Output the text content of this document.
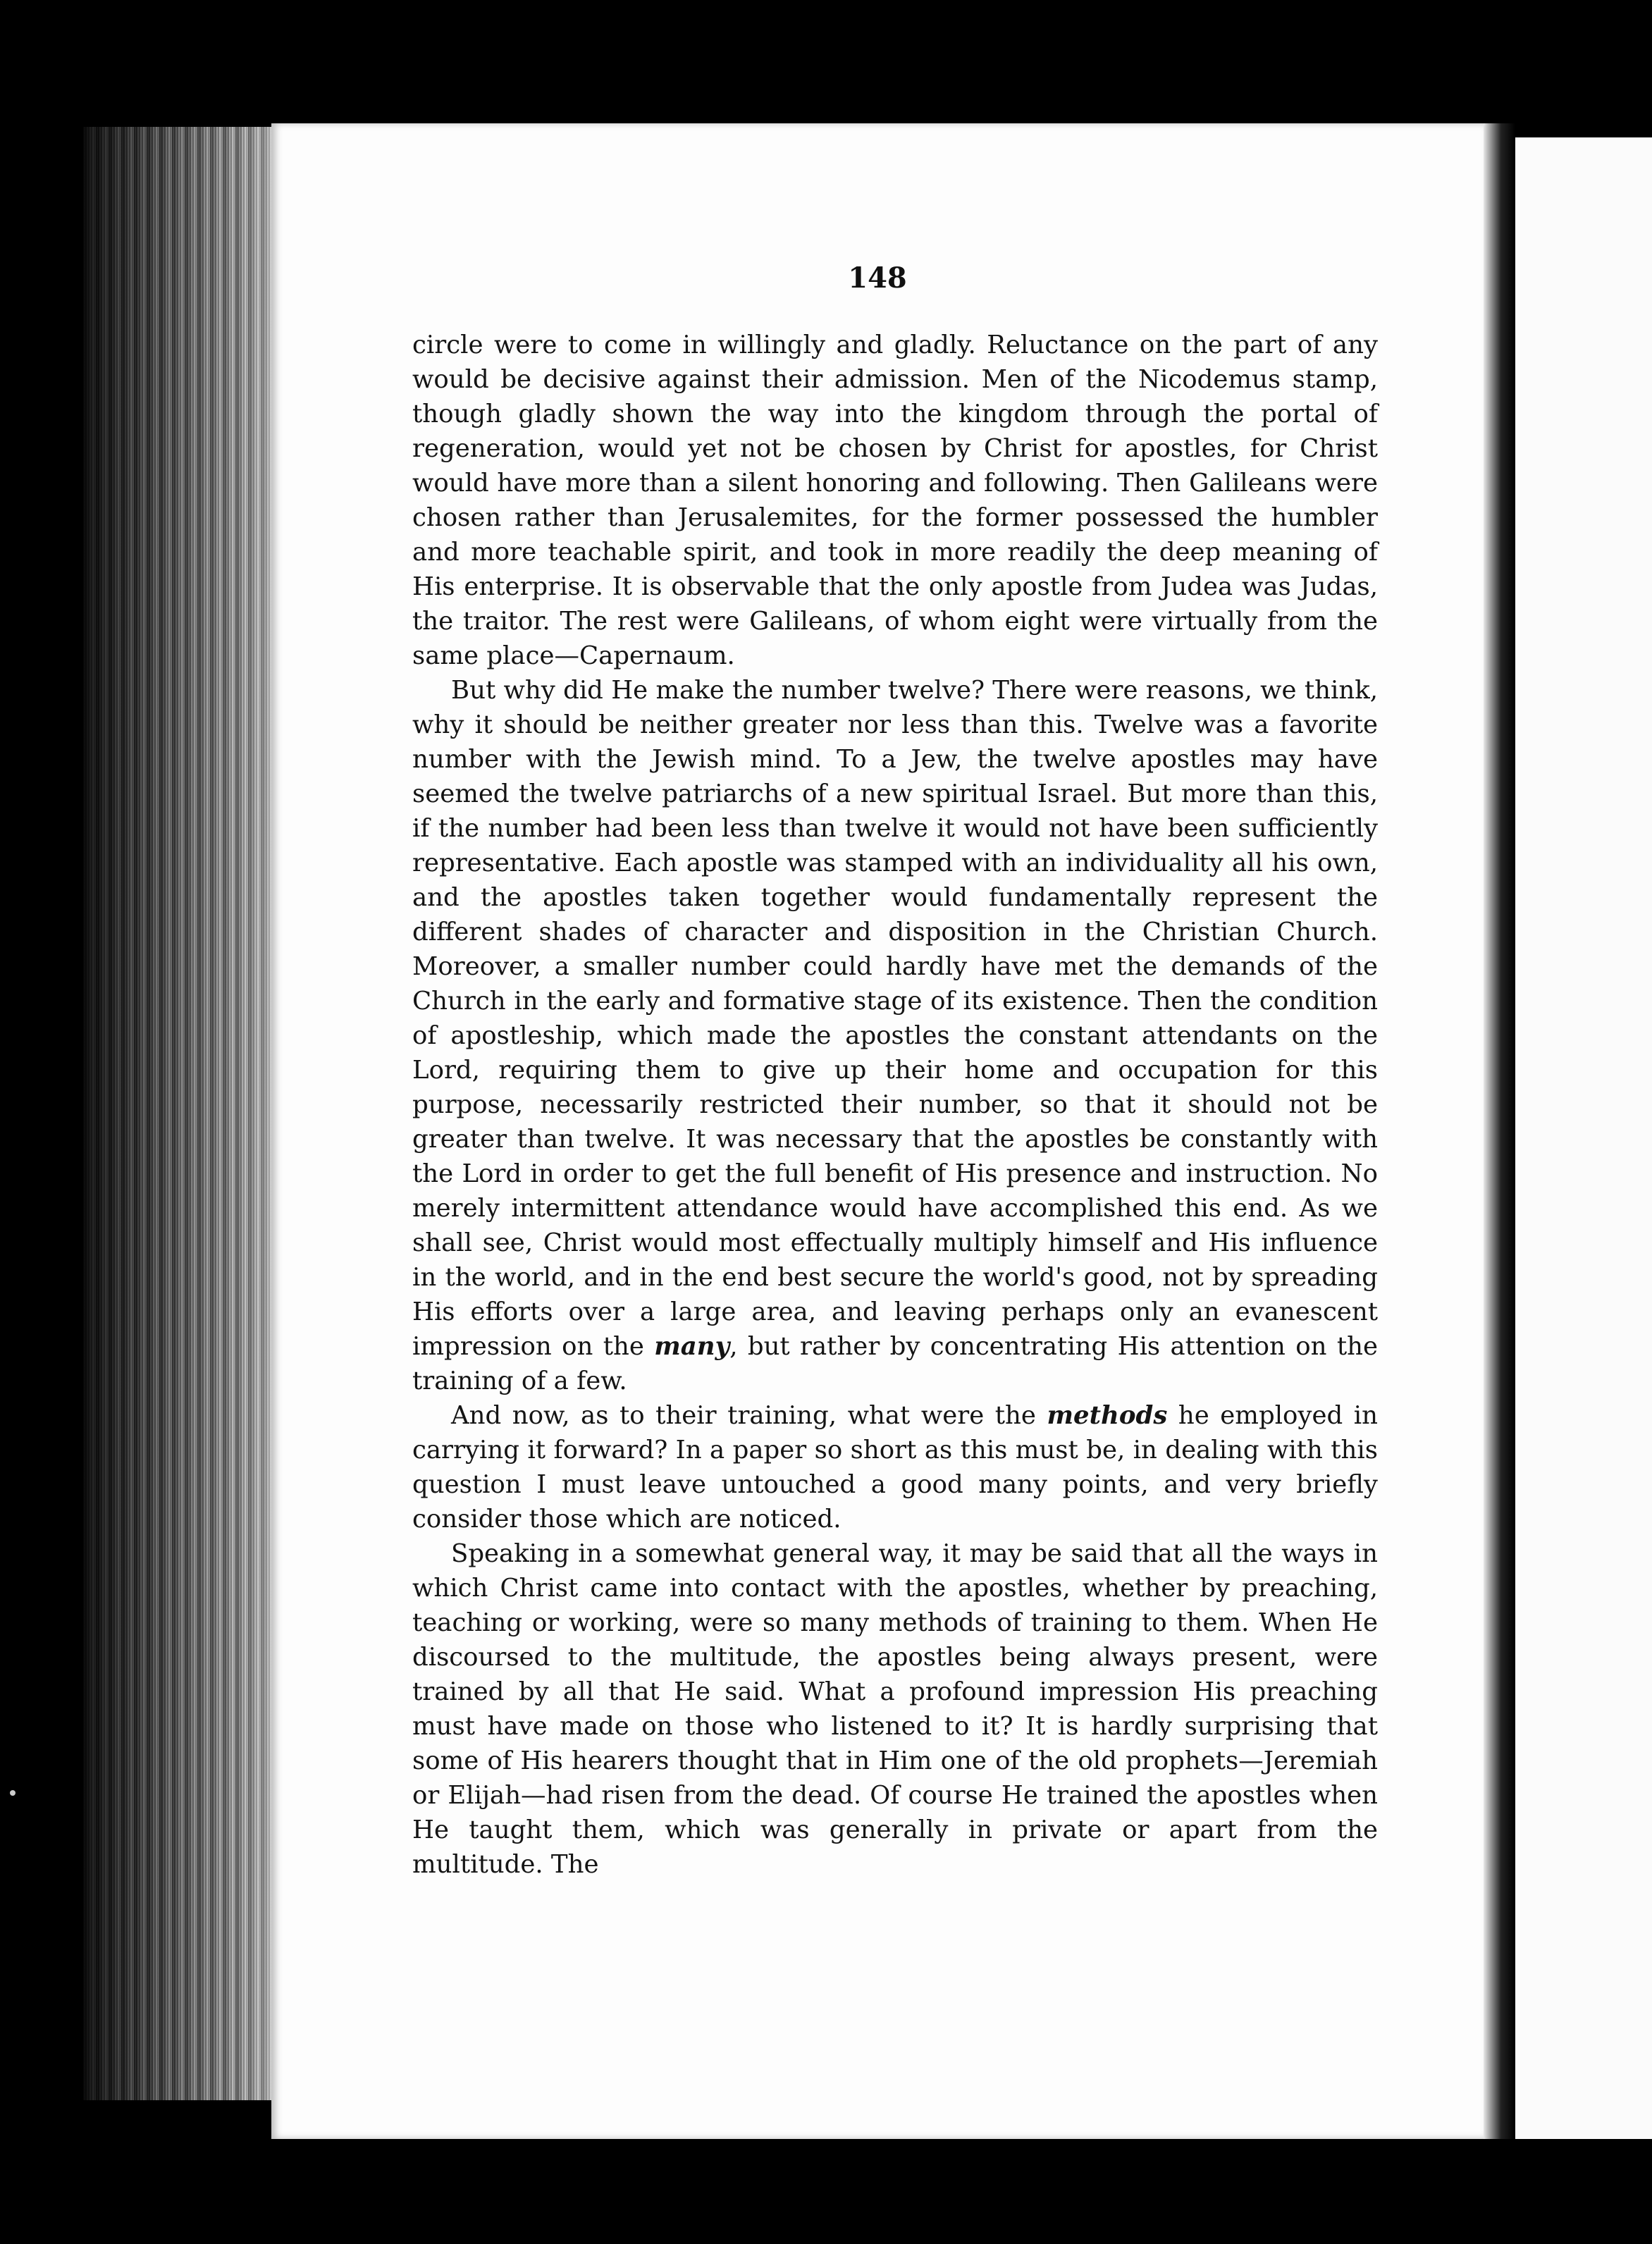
148

circle were to come in willingly and gladly. Reluctance on the part of any would be decisive against their admission. Men of the Nicodemus stamp, though gladly shown the way into the kingdom through the portal of regeneration, would yet not be chosen by Christ for apostles, for Christ would have more than a silent honoring and following. Then Galileans were chosen rather than Jerusalemites, for the former possessed the humbler and more teachable spirit, and took in more readily the deep meaning of His enterprise. It is observable that the only apostle from Judea was Judas, the traitor. The rest were Galileans, of whom eight were virtually from the same place—Capernaum.

But why did He make the number twelve? There were reasons, we think, why it should be neither greater nor less than this. Twelve was a favorite number with the Jewish mind. To a Jew, the twelve apostles may have seemed the twelve patriarchs of a new spiritual Israel. But more than this, if the number had been less than twelve it would not have been sufficiently representative. Each apostle was stamped with an individuality all his own, and the apostles taken together would fundamentally represent the different shades of character and disposition in the Christian Church. Moreover, a smaller number could hardly have met the demands of the Church in the early and formative stage of its existence. Then the condition of apostleship, which made the apostles the constant attendants on the Lord, requiring them to give up their home and occupation for this purpose, necessarily restricted their number, so that it should not be greater than twelve. It was necessary that the apostles be constantly with the Lord in order to get the full benefit of His presence and instruction. No merely intermittent attendance would have accomplished this end. As we shall see, Christ would most effectually multiply himself and His influence in the world, and in the end best secure the world's good, not by spreading His efforts over a large area, and leaving perhaps only an evanescent impression on the many, but rather by concentrating His attention on the training of a few.

And now, as to their training, what were the methods he employed in carrying it forward? In a paper so short as this must be, in dealing with this question I must leave untouched a good many points, and very briefly consider those which are noticed.

Speaking in a somewhat general way, it may be said that all the ways in which Christ came into contact with the apostles, whether by preaching, teaching or working, were so many methods of training to them. When He discoursed to the multitude, the apostles being always present, were trained by all that He said. What a profound impression His preaching must have made on those who listened to it? It is hardly surprising that some of His hearers thought that in Him one of the old prophets—Jeremiah or Elijah—had risen from the dead. Of course He trained the apostles when He taught them, which was generally in private or apart from the multitude. The
